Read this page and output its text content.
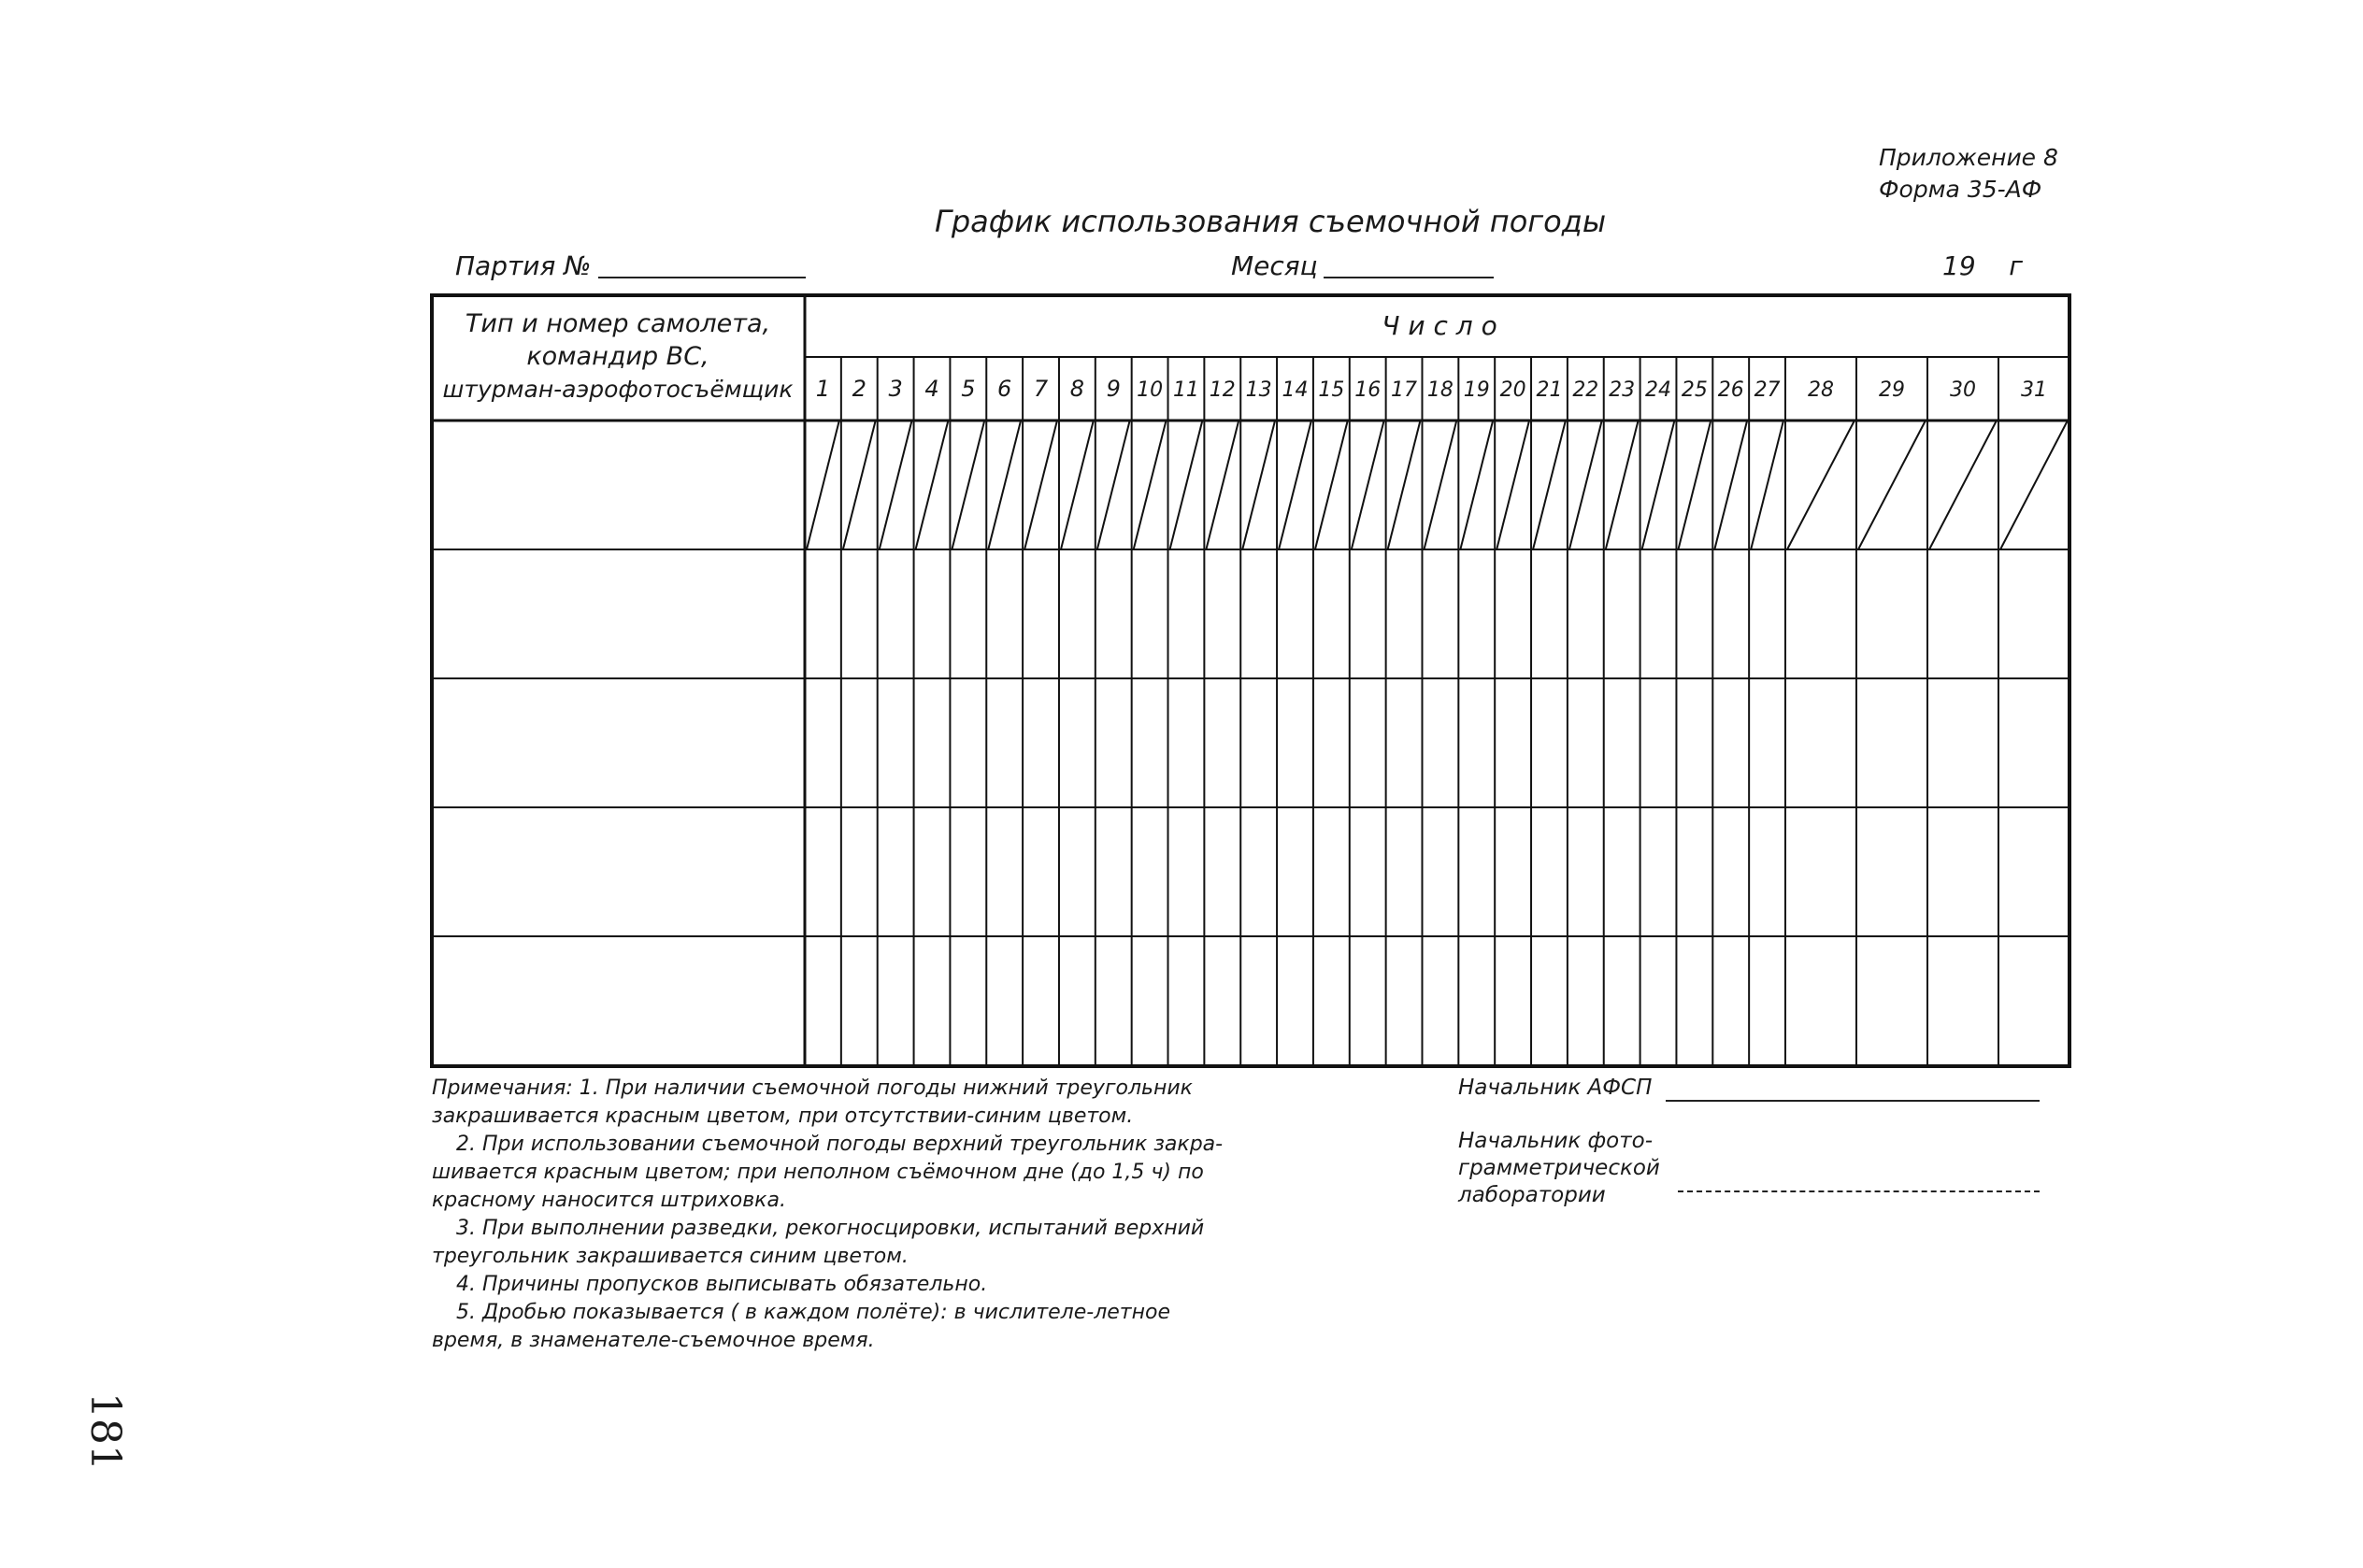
Приложение 8
Форма 35-АФ
График использования съемочной погоды
Партия №	Месяц	19 г
Тип и номер самолета,
командир ВС,
штурман-аэрофотосъёмщик
Ч и с л о
1 2 3 4 5 6 7 8 9 10 11 12 13 14 15 16 17 18 19 20 21 22 23 24 25 26 27 28 29 30 31
Примечания: 1. При наличии съемочной погоды нижний треугольник
закрашивается красным цветом, при отсутствии-синим цветом.
2. При использовании съемочной погоды верхний треугольник закра-
шивается красным цветом; при неполном съёмочном дне (до 1,5 ч) по
красному наносится штриховка.
3. При выполнении разведки, рекогносцировки, испытаний верхний
треугольник закрашивается синим цветом.
4. Причины пропусков выписывать обязательно.
5. Дробью показывается ( в каждом полёте): в числителе-летное
время, в знаменателе-съемочное время.
Начальник АФСП
Начальник фото-
грамметрической
лаборатории
181
